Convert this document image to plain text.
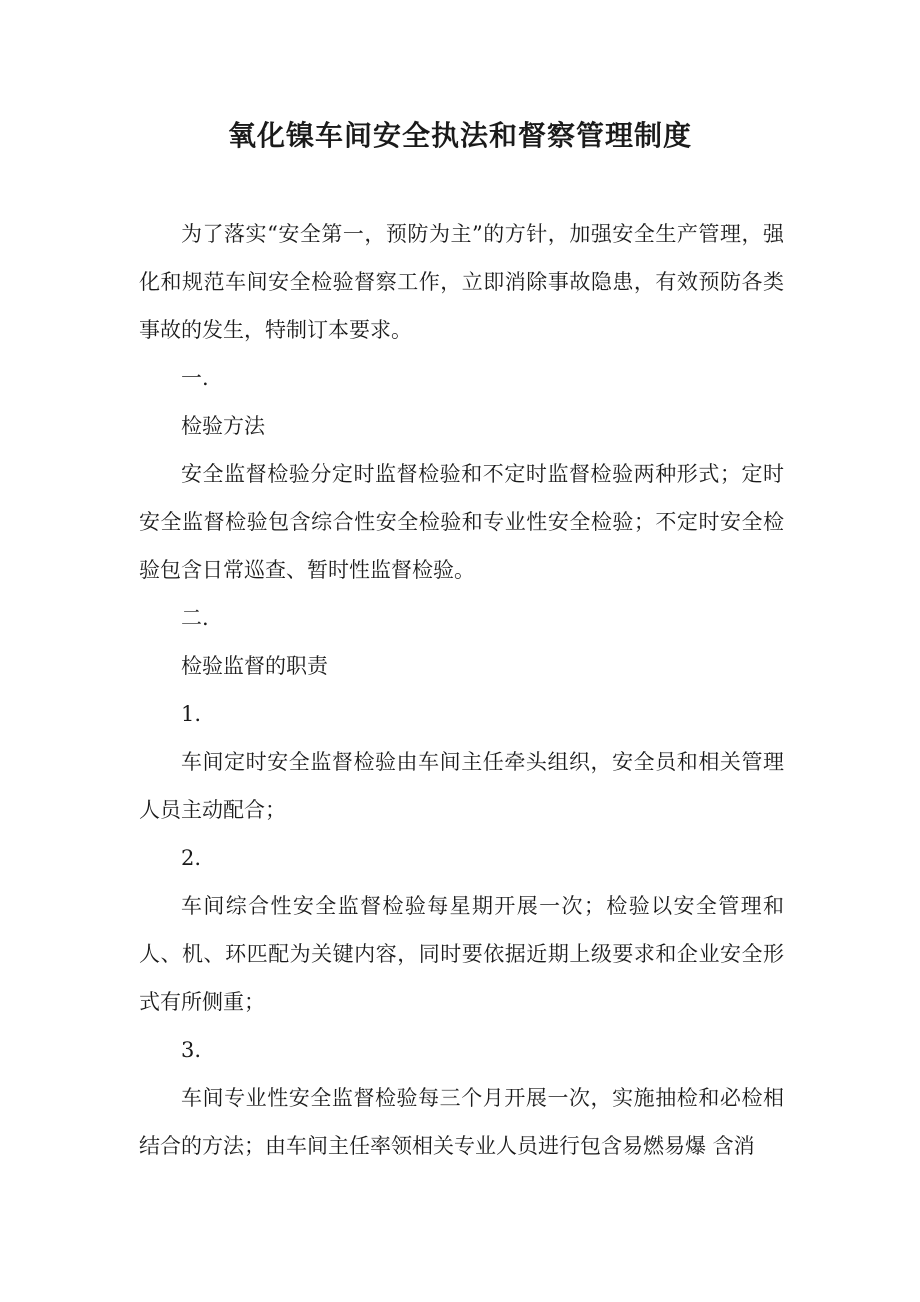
氧化镍车间安全执法和督察管理制度

为了落实“安全第一，预防为主”的方针，加强安全生产管理，强化和规范车间安全检验督察工作，立即消除事故隐患，有效预防各类事故的发生，特制订本要求。

一.

检验方法

安全监督检验分定时监督检验和不定时监督检验两种形式；定时安全监督检验包含综合性安全检验和专业性安全检验；不定时安全检验包含日常巡查、暂时性监督检验。

二.

检验监督的职责

1.

车间定时安全监督检验由车间主任牵头组织，安全员和相关管理人员主动配合；

2.

车间综合性安全监督检验每星期开展一次；检验以安全管理和人、机、环匹配为关键内容，同时要依据近期上级要求和企业安全形式有所侧重；

3.

车间专业性安全监督检验每三个月开展一次，实施抽检和必检相结合的方法；由车间主任率领相关专业人员进行包含易燃易爆 含消
